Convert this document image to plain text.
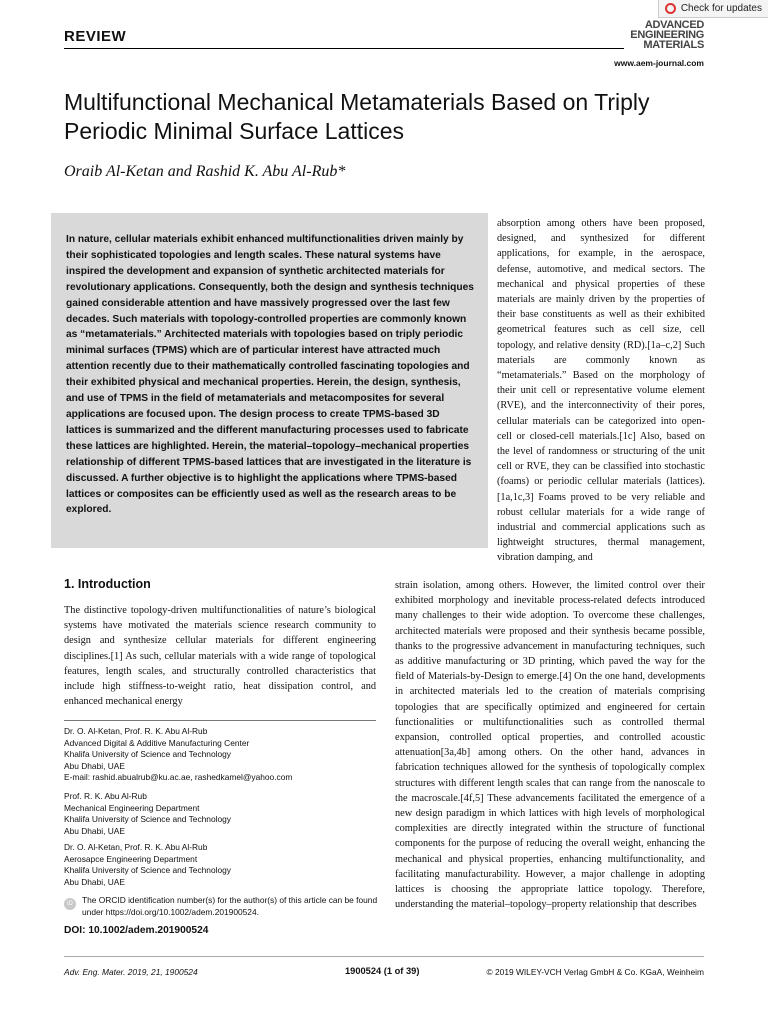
REVIEW
Check for updates
ADVANCED
ENGINEERING
MATERIALS
www.aem-journal.com
Multifunctional Mechanical Metamaterials Based on Triply Periodic Minimal Surface Lattices
Oraib Al-Ketan and Rashid K. Abu Al-Rub*
In nature, cellular materials exhibit enhanced multifunctionalities driven mainly by their sophisticated topologies and length scales. These natural systems have inspired the development and expansion of synthetic architected materials for revolutionary applications. Consequently, both the design and synthesis techniques gained considerable attention and have massively progressed over the last few decades. Such materials with topology-controlled properties are commonly known as “metamaterials.” Architected materials with topologies based on triply periodic minimal surfaces (TPMS) which are of particular interest have attracted much attention recently due to their mathematically controlled fascinating topologies and their exhibited physical and mechanical properties. Herein, the design, synthesis, and use of TPMS in the field of metamaterials and metacomposites for several applications are focused upon. The design process to create TPMS-based 3D lattices is summarized and the different manufacturing processes used to fabricate these lattices are highlighted. Herein, the material–topology–mechanical properties relationship of different TPMS-based lattices that are investigated in the literature is discussed. A further objective is to highlight the applications where TPMS-based lattices or composites can be efficiently used as well as the research areas to be explored.
1. Introduction
The distinctive topology-driven multifunctionalities of nature’s biological systems have motivated the materials science research community to design and synthesize cellular materials for different engineering disciplines.[1] As such, cellular materials with a wide range of topological features, length scales, and structurally controlled characteristics that include high stiffness-to-weight ratio, heat dissipation control, and enhanced mechanical energy
absorption among others have been proposed, designed, and synthesized for different applications, for example, in the aerospace, defense, automotive, and medical sectors. The mechanical and physical properties of these materials are mainly driven by the properties of their base constituents as well as their exhibited geometrical features such as cell size, cell topology, and relative density (RD).[1a–c,2] Such materials are commonly known as “metamaterials.” Based on the morphology of their unit cell or representative volume element (RVE), and the interconnectivity of their pores, cellular materials can be categorized into open-cell or closed-cell materials.[1c] Also, based on the level of randomness or structuring of the unit cell or RVE, they can be classified into stochastic (foams) or periodic cellular materials (lattices).[1a,1c,3] Foams proved to be very reliable and robust cellular materials for a wide range of industrial and commercial applications such as lightweight structures, thermal management, vibration damping, and
strain isolation, among others. However, the limited control over their exhibited morphology and inevitable process-related defects introduced many challenges to their wide adoption. To overcome these challenges, architected materials were proposed and their synthesis became possible, thanks to the progressive advancement in manufacturing techniques, such as additive manufacturing or 3D printing, which paved the way for the field of Materials-by-Design to emerge.[4] On the one hand, developments in architected materials led to the creation of materials comprising topologies that are specifically optimized and engineered for certain functionalities or multifunctionalities such as controlled thermal expansion, controlled optical properties, and controlled acoustic attenuation[3a,4b] among others. On the other hand, advances in fabrication techniques allowed for the synthesis of topologically complex structures with different length scales that can range from the nanoscale to the macroscale.[4f,5] These advancements facilitated the emergence of a new design paradigm in which lattices with high levels of morphological complexities are directly integrated within the structure of functional components for the purpose of reducing the overall weight, enhancing the mechanical and physical properties, enhancing multifunctionality, and facilitating manufacturability. However, a major challenge in adopting lattices is choosing the appropriate lattice topology. Therefore, understanding the material–topology–property relationship that describes
Dr. O. Al-Ketan, Prof. R. K. Abu Al-Rub
Advanced Digital & Additive Manufacturing Center
Khalifa University of Science and Technology
Abu Dhabi, UAE
E-mail: rashid.abualrub@ku.ac.ae, rashedkamel@yahoo.com
Prof. R. K. Abu Al-Rub
Mechanical Engineering Department
Khalifa University of Science and Technology
Abu Dhabi, UAE
Dr. O. Al-Ketan, Prof. R. K. Abu Al-Rub
Aerosapce Engineering Department
Khalifa University of Science and Technology
Abu Dhabi, UAE
iD	The ORCID identification number(s) for the author(s) of this article can be found under https://doi.org/10.1002/adem.201900524.
DOI: 10.1002/adem.201900524
Adv. Eng. Mater. 2019, 21, 1900524	1900524 (1 of 39)	© 2019 WILEY-VCH Verlag GmbH & Co. KGaA, Weinheim
